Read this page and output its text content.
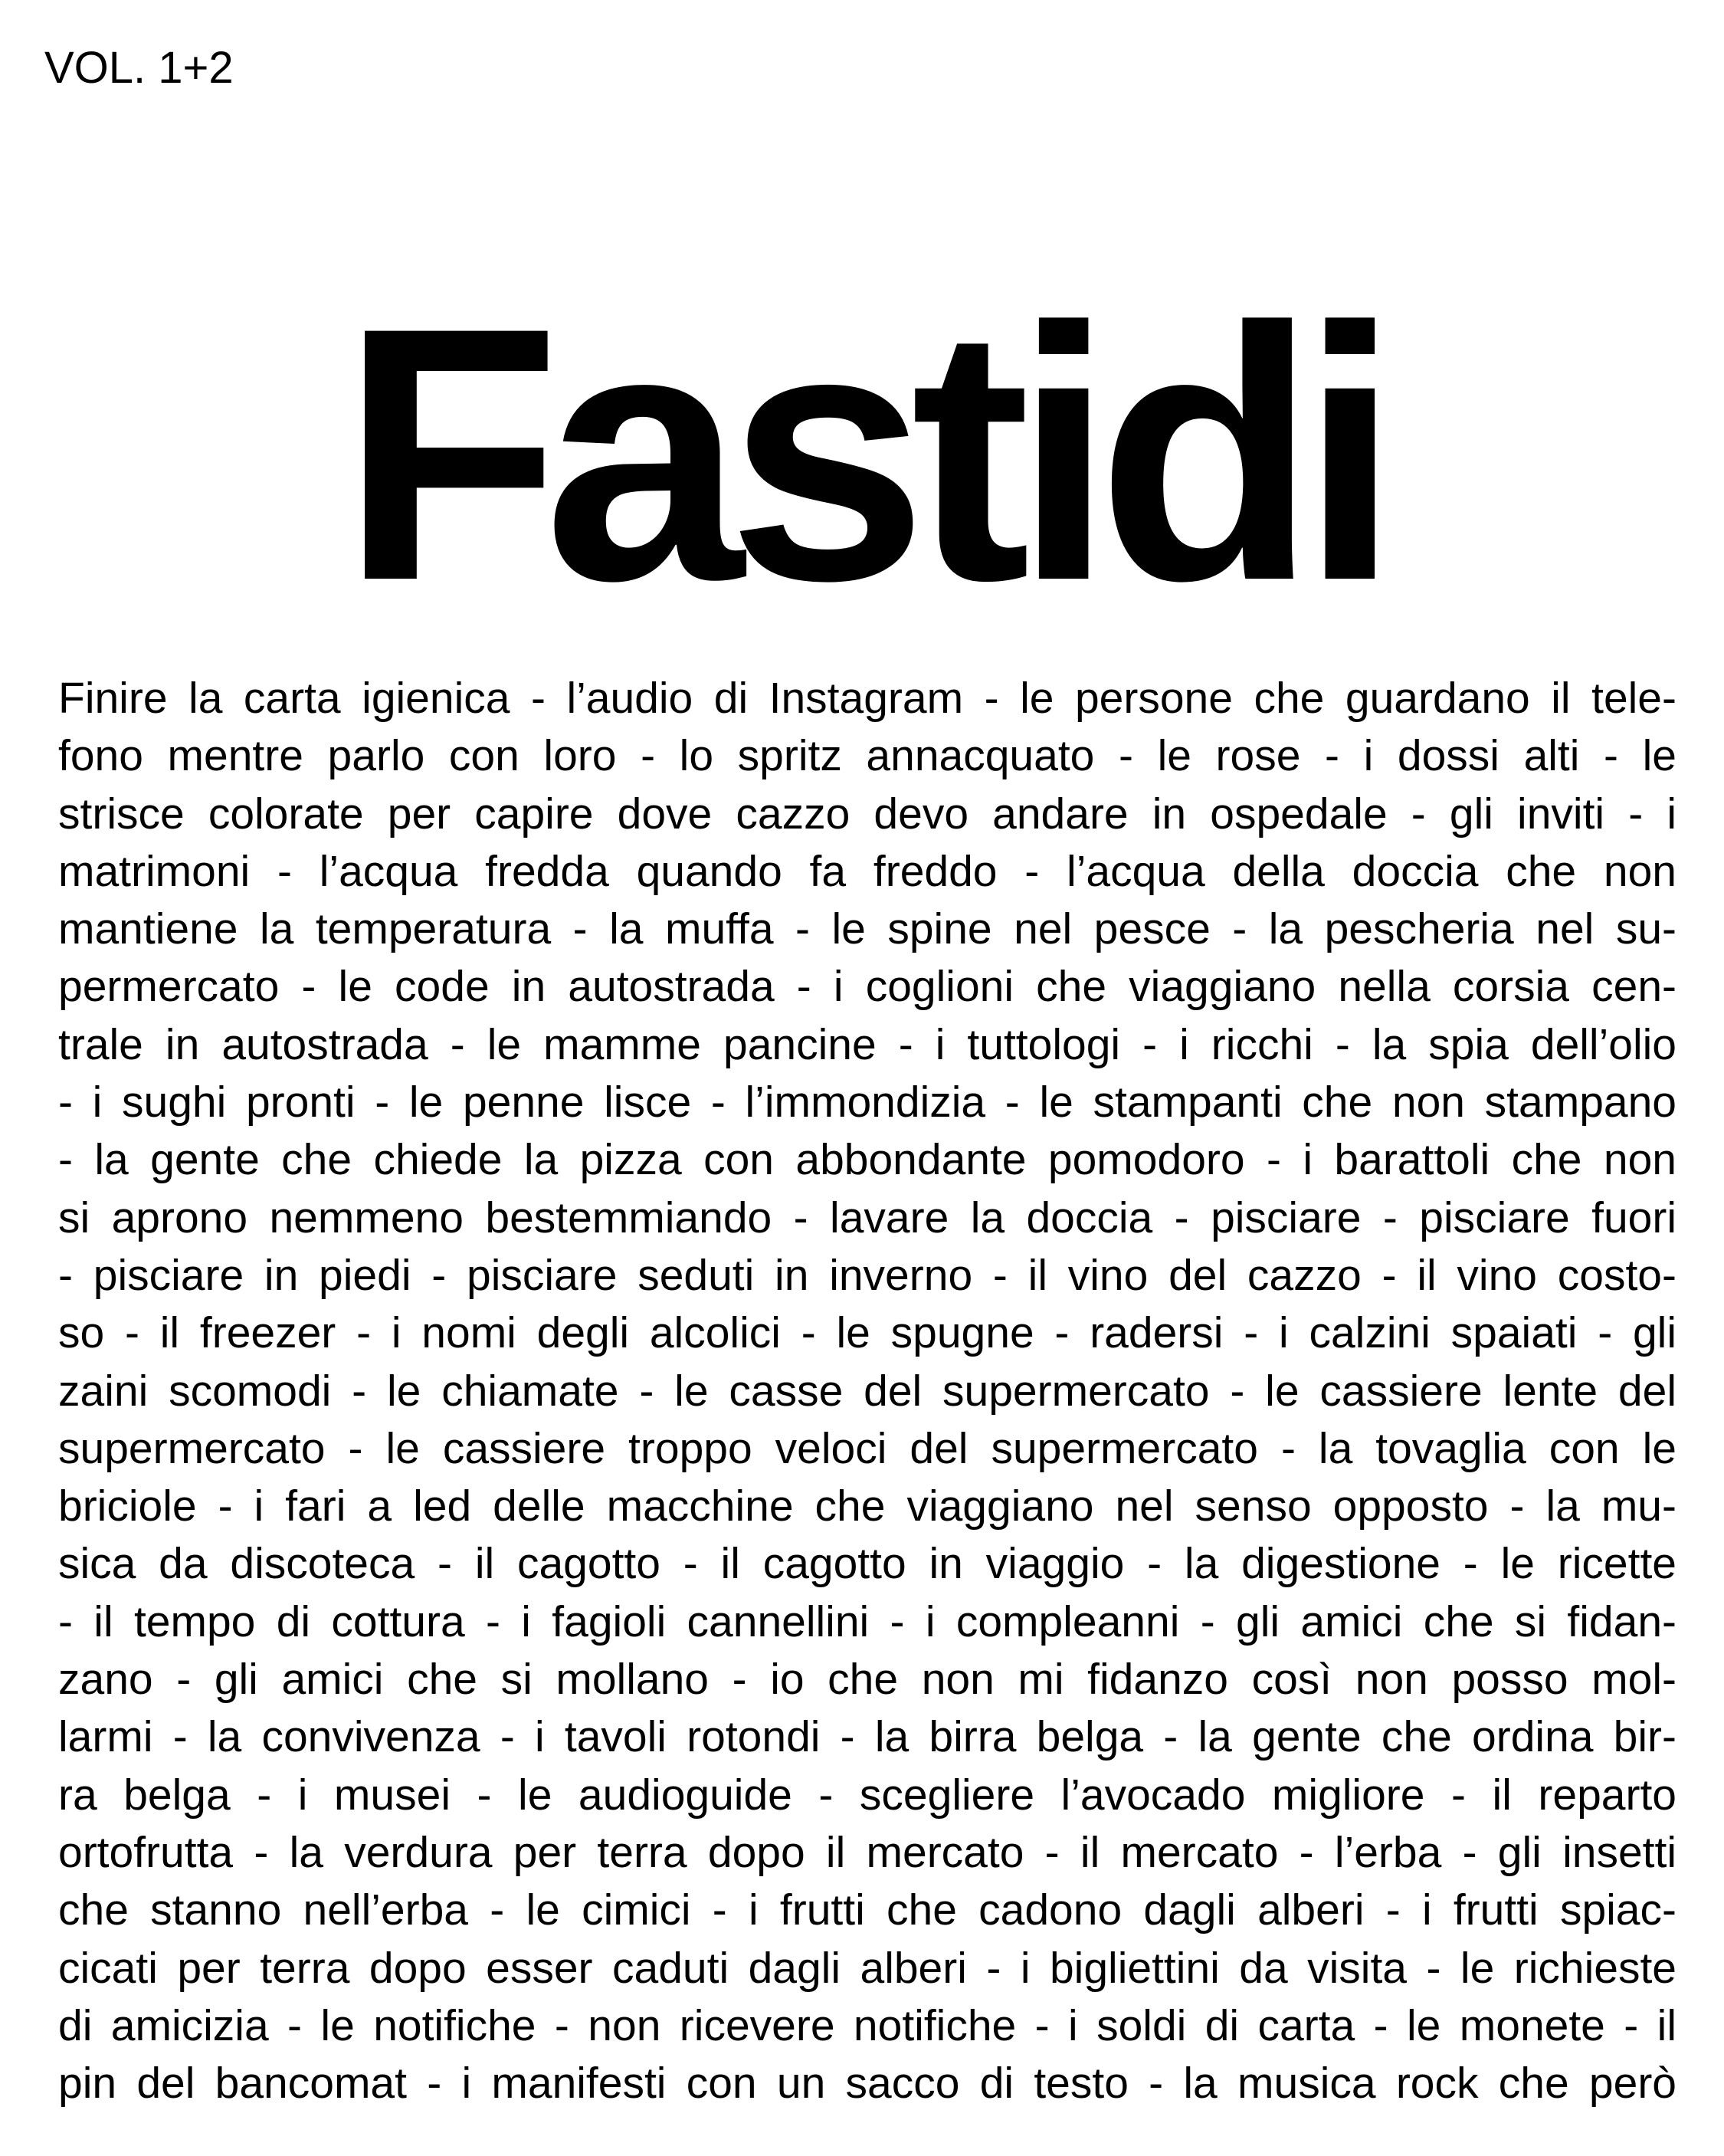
VOL. 1+2
Fastidi
Finire la carta igienica - l’audio di Instagram - le persone che guardano il tele-
fono mentre parlo con loro - lo spritz annacquato - le rose - i dossi alti - le
strisce colorate per capire dove cazzo devo andare in ospedale - gli inviti - i
matrimoni - l’acqua fredda quando fa freddo - l’acqua della doccia che non
mantiene la temperatura - la muffa - le spine nel pesce - la pescheria nel su-
permercato - le code in autostrada - i coglioni che viaggiano nella corsia cen-
trale in autostrada - le mamme pancine - i tuttologi - i ricchi - la spia dell’olio
- i sughi pronti - le penne lisce - l’immondizia - le stampanti che non stampano
- la gente che chiede la pizza con abbondante pomodoro - i barattoli che non
si aprono nemmeno bestemmiando - lavare la doccia - pisciare - pisciare fuori
- pisciare in piedi - pisciare seduti in inverno - il vino del cazzo - il vino costo-
so - il freezer - i nomi degli alcolici - le spugne - radersi - i calzini spaiati - gli
zaini scomodi - le chiamate - le casse del supermercato - le cassiere lente del
supermercato - le cassiere troppo veloci del supermercato - la tovaglia con le
briciole - i fari a led delle macchine che viaggiano nel senso opposto - la mu-
sica da discoteca - il cagotto - il cagotto in viaggio - la digestione - le ricette
- il tempo di cottura - i fagioli cannellini - i compleanni - gli amici che si fidan-
zano - gli amici che si mollano - io che non mi fidanzo così non posso mol-
larmi - la convivenza - i tavoli rotondi - la birra belga - la gente che ordina bir-
ra belga - i musei - le audioguide - scegliere l’avocado migliore - il reparto
ortofrutta - la verdura per terra dopo il mercato - il mercato - l’erba - gli insetti
che stanno nell’erba - le cimici - i frutti che cadono dagli alberi - i frutti spiac-
cicati per terra dopo esser caduti dagli alberi - i bigliettini da visita - le richieste
di amicizia - le notifiche - non ricevere notifiche - i soldi di carta - le monete - il
pin del bancomat - i manifesti con un sacco di testo - la musica rock che però
